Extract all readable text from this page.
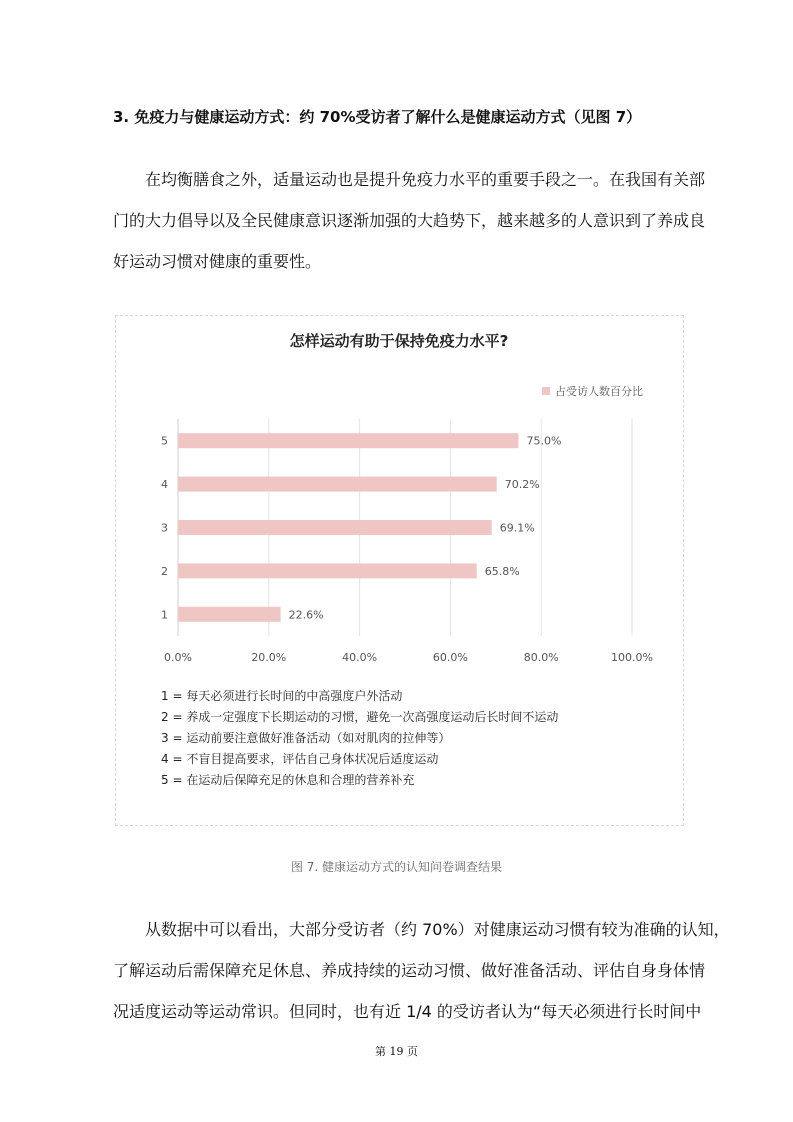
3. 免疫力与健康运动方式：约 70%受访者了解什么是健康运动方式（见图 7）

　　在均衡膳食之外，适量运动也是提升免疫力水平的重要手段之一。在我国有关部

门的大力倡导以及全民健康意识逐渐加强的大趋势下，越来越多的人意识到了养成良

好运动习惯对健康的重要性。

怎样运动有助于保持免疫力水平?
占受访人数百分比
0.0%	20.0%	40.0%	60.0%	80.0%	100.0%
1	22.6%
2	65.8%
3	69.1%
4	70.2%
5	75.0%
1 = 每天必须进行长时间的中高强度户外活动
2 = 养成一定强度下长期运动的习惯，避免一次高强度运动后长时间不运动
3 = 运动前要注意做好准备活动（如对肌肉的拉伸等）
4 = 不盲目提高要求，评估自己身体状况后适度运动
5 = 在运动后保障充足的休息和合理的营养补充
图 7. 健康运动方式的认知问卷调查结果

　　从数据中可以看出，大部分受访者（约 70%）对健康运动习惯有较为准确的认知，

了解运动后需保障充足休息、养成持续的运动习惯、做好准备活动、评估自身身体情

况适度运动等运动常识。但同时，也有近 1/4 的受访者认为“每天必须进行长时间中

第 19 页
